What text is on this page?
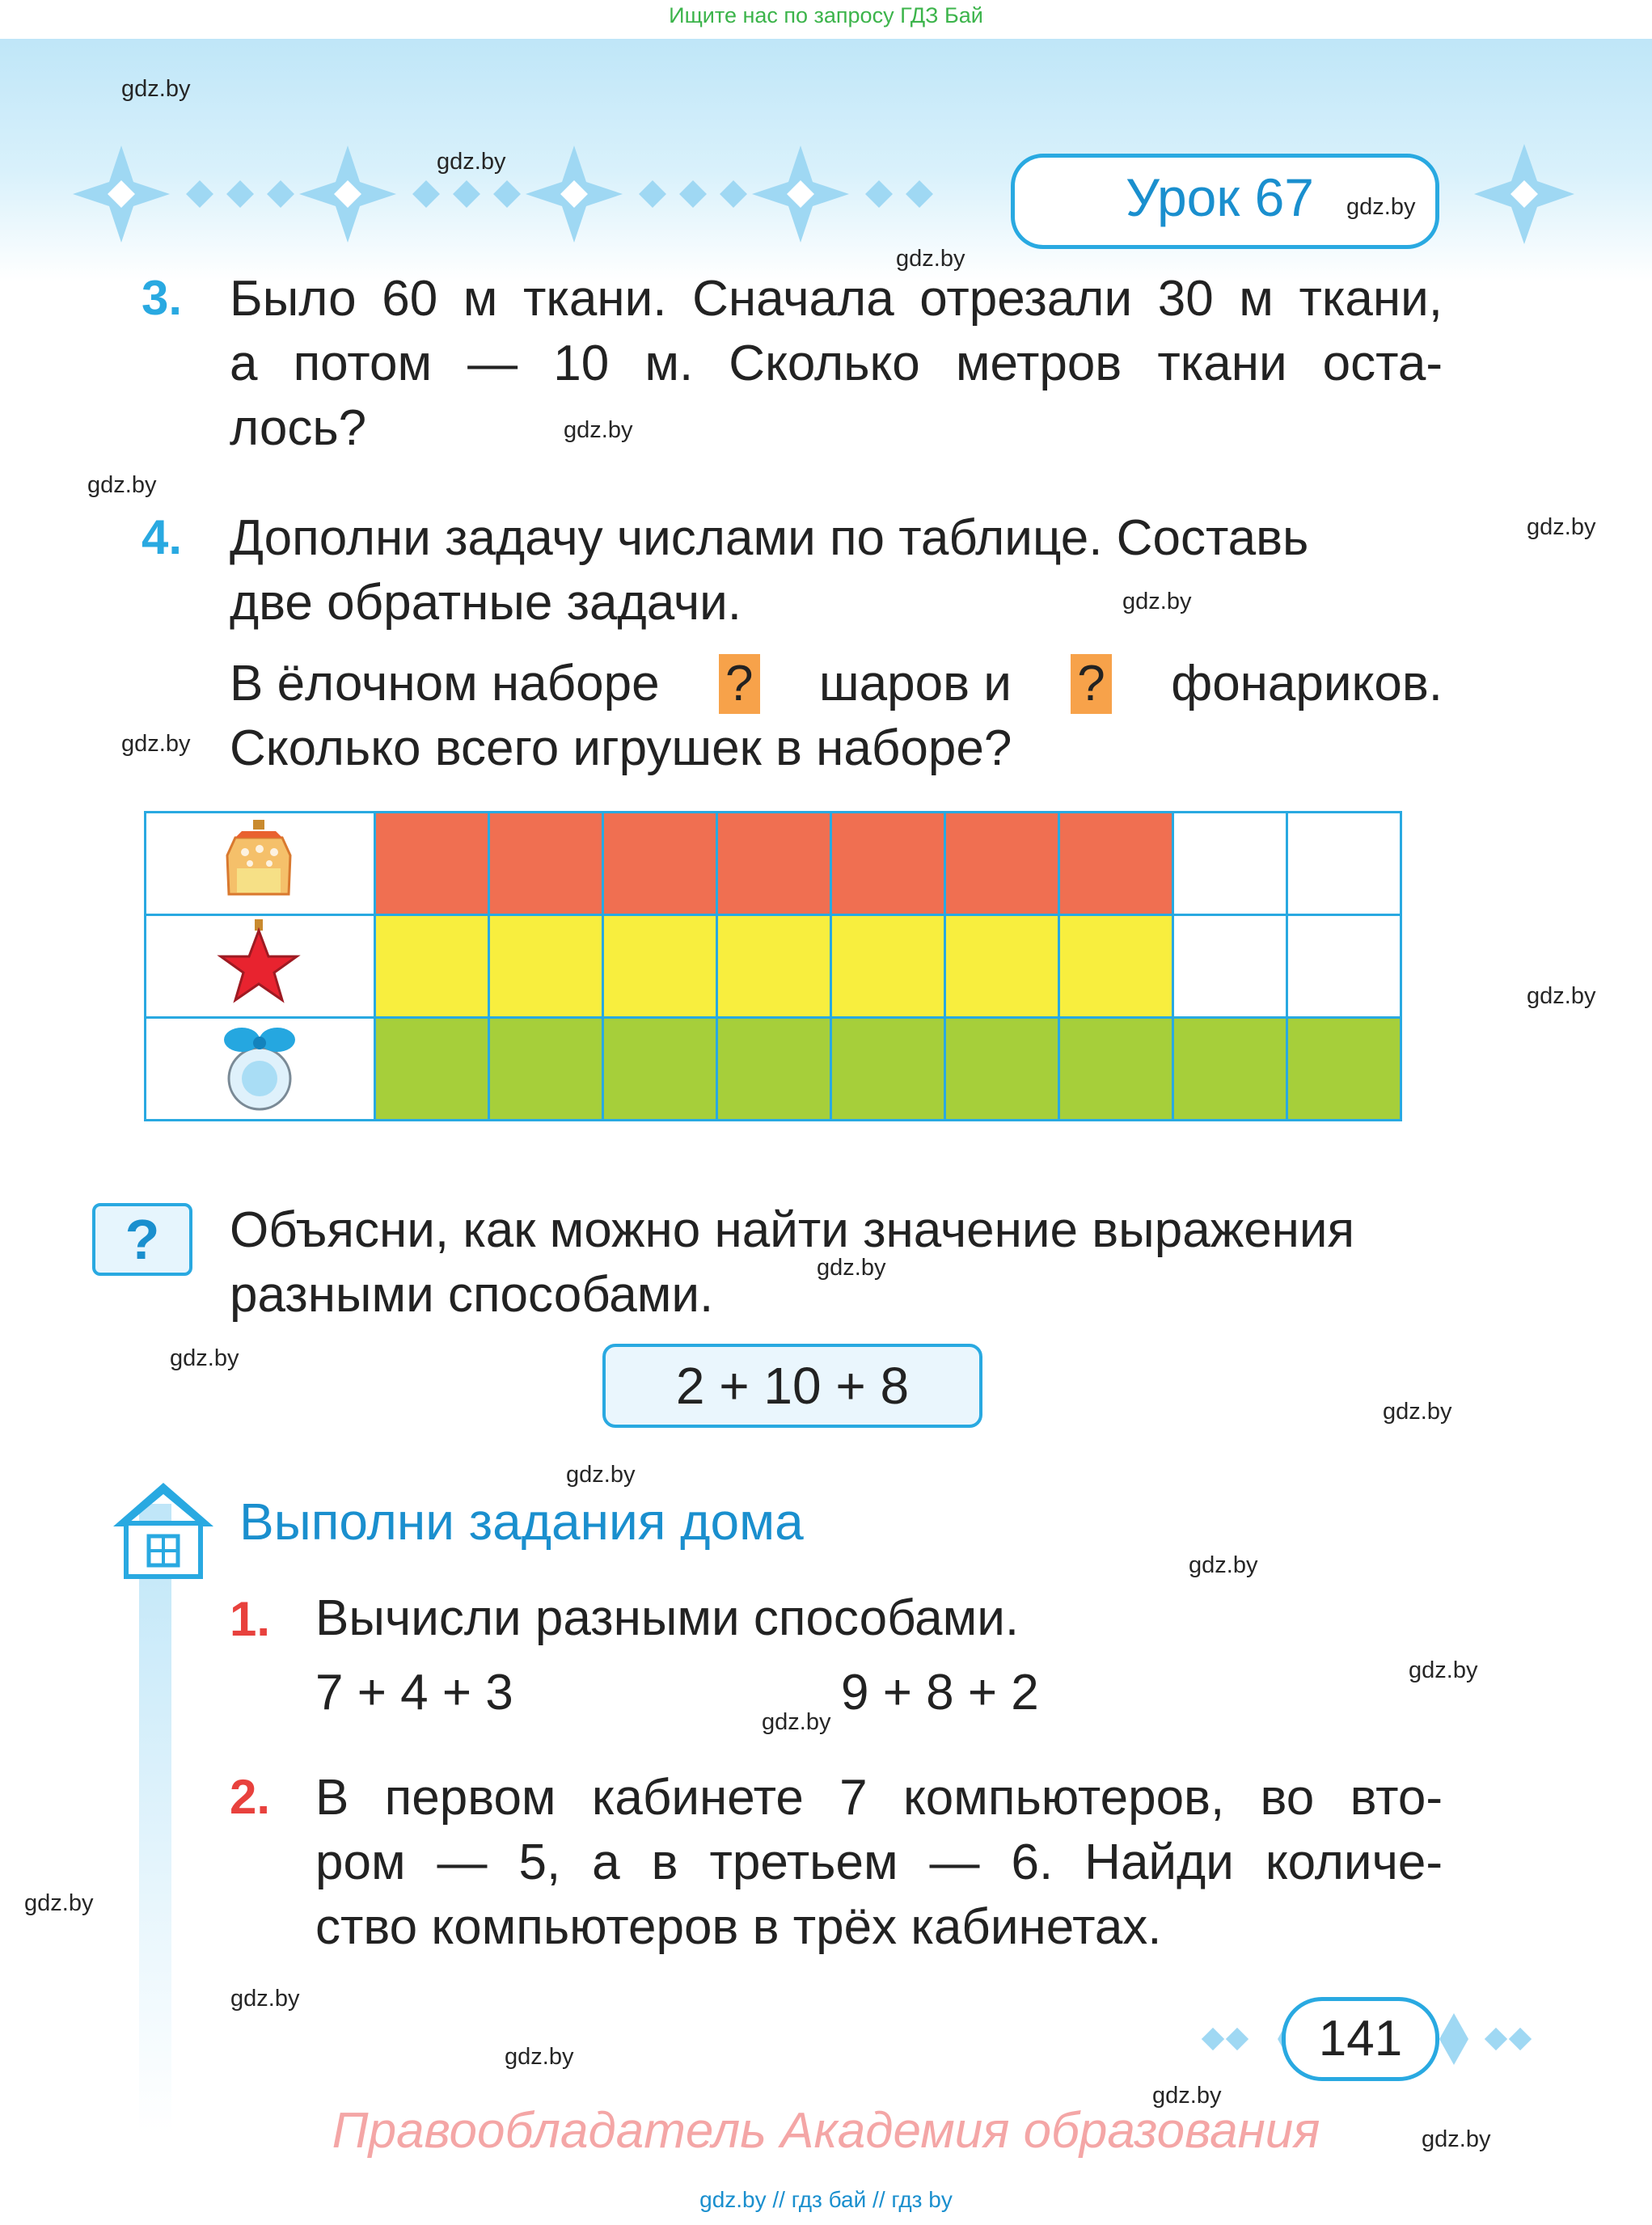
Ищите нас по запросу ГДЗ Бай
Урок 67
gdz.by
gdz.by
gdz.by
gdz.by
gdz.by
gdz.by
gdz.by
gdz.by
gdz.by
gdz.by
gdz.by
gdz.by
gdz.by
gdz.by
gdz.by
gdz.by
gdz.by
gdz.by
gdz.by
gdz.by
gdz.by
gdz.by
3. Было 60 м ткани. Сначала отрезали 30 м ткани,
а потом — 10 м. Сколько метров ткани оста-
лось?
4. Дополни задачу числами по таблице. Составь
две обратные задачи.
В ёлочном наборе ? шаров и ? фонариков.
Сколько всего игрушек в наборе?

?	Объясни, как можно найти значение выражения
разными способами.
2 + 10 + 8
Выполни задания дома
1. Вычисли разными способами.
7 + 4 + 3	9 + 8 + 2
2. В первом кабинете 7 компьютеров, во вто-
ром — 5, а в третьем — 6. Найди количе-
ство компьютеров в трёх кабинетах.
141
Правообладатель Академия образования
gdz.by // гдз бай // гдз by
